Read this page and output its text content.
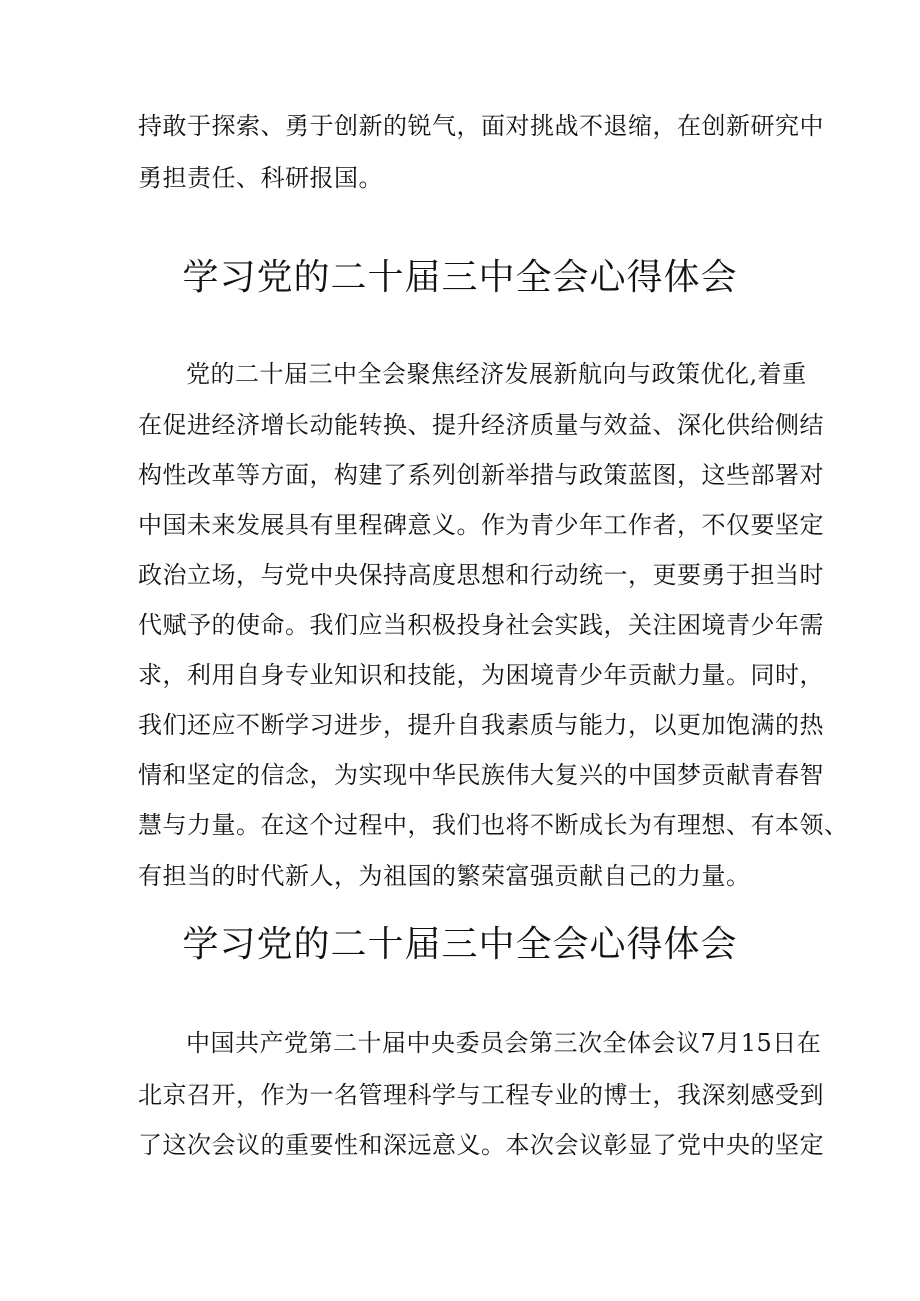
持敢于探索、勇于创新的锐气，面对挑战不退缩，在创新研究中
勇担责任、科研报国。
学习党的二十届三中全会心得体会
党的二十届三中全会聚焦经济发展新航向与政策优化,着重
在促进经济增长动能转换、提升经济质量与效益、深化供给侧结
构性改革等方面，构建了系列创新举措与政策蓝图，这些部署对
中国未来发展具有里程碑意义。作为青少年工作者，不仅要坚定
政治立场，与党中央保持高度思想和行动统一，更要勇于担当时
代赋予的使命。我们应当积极投身社会实践，关注困境青少年需
求，利用自身专业知识和技能，为困境青少年贡献力量。同时，
我们还应不断学习进步，提升自我素质与能力，以更加饱满的热
情和坚定的信念，为实现中华民族伟大复兴的中国梦贡献青春智
慧与力量。在这个过程中，我们也将不断成长为有理想、有本领、
有担当的时代新人，为祖国的繁荣富强贡献自己的力量。
学习党的二十届三中全会心得体会
中国共产党第二十届中央委员会第三次全体会议7月15日在
北京召开，作为一名管理科学与工程专业的博士，我深刻感受到
了这次会议的重要性和深远意义。本次会议彰显了党中央的坚定
